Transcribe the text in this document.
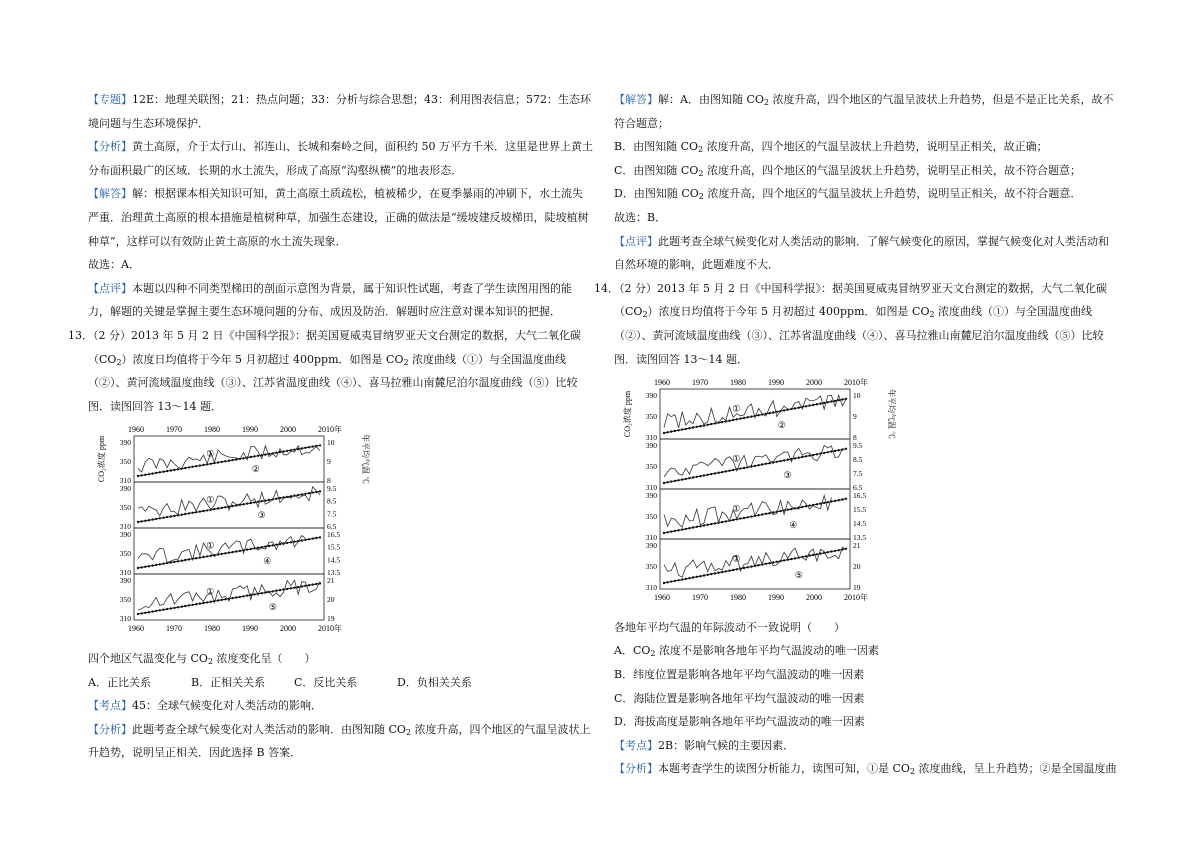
【专题】12E：地理关联图；21：热点问题；33：分析与综合思想；43：利用图表信息；572：生态环境问题与生态环境保护．

【分析】黄土高原，介于太行山、祁连山、长城和秦岭之间，面积约 50 万平方千米．这里是世界上黄土分布面积最广的区域．长期的水土流失，形成了高原“沟壑纵横”的地表形态．

【解答】解：根据课本相关知识可知，黄土高原土质疏松，植被稀少，在夏季暴雨的冲刷下，水土流失严重．治理黄土高原的根本措施是植树种草，加强生态建设，正确的做法是“缓坡建反坡梯田，陡坡植树种草”，这样可以有效防止黄土高原的水土流失现象．

故选：A．

【点评】本题以四种不同类型梯田的剖面示意图为背景，属于知识性试题，考查了学生读图用图的能力，解题的关键是掌握主要生态环境问题的分布、成因及防治．解题时应注意对课本知识的把握．

13．（2 分）2013 年 5 月 2 日《中国科学报》：据美国夏威夷冒纳罗亚天文台测定的数据，大气二氧化碳$(CO_2)$浓度日均值将于今年 5 月初超过 400ppm．如图是 $CO_2$ 浓度曲线（①）与全国温度曲线（②）、黄河流域温度曲线（③）、江苏省温度曲线（④）、喜马拉雅山南麓尼泊尔温度曲线（⑤）比较图．读图回答 13～14 题．

1960	1970	1980	1990	2000	2010年
1960	1970	1980	1990	2000	2010年
CO₂浓度 ppm	年平均气温 ℃
390
350
310
10
9
8
①
②
390
350
310
9.5
8.5
7.5
6.5
①
③
390
350
310
16.5
15.5
14.5
13.5
①
④
390
350
310
21
20
19
①
⑤

四个地区气温变化与 $CO_2$ 浓度变化呈（　　）

A．正比关系	B．正相关关系	C．反比关系	D．负相关关系

【考点】45：全球气候变化对人类活动的影响．

【分析】此题考查全球气候变化对人类活动的影响．由图知随 $CO_2$ 浓度升高，四个地区的气温呈波状上升趋势，说明呈正相关．因此选择 B 答案．

【解答】解：A．由图知随 $CO_2$ 浓度升高，四个地区的气温呈波状上升趋势，但是不是正比关系，故不符合题意；

B．由图知随 $CO_2$ 浓度升高，四个地区的气温呈波状上升趋势，说明呈正相关，故正确；

C．由图知随 $CO_2$ 浓度升高，四个地区的气温呈波状上升趋势，说明呈正相关，故不符合题意；

D．由图知随 $CO_2$ 浓度升高，四个地区的气温呈波状上升趋势，说明呈正相关，故不符合题意．

故选：B．

【点评】此题考查全球气候变化对人类活动的影响．了解气候变化的原因，掌握气候变化对人类活动和自然环境的影响，此题难度不大．

14．（2 分）2013 年 5 月 2 日《中国科学报》：据美国夏威夷冒纳罗亚天文台测定的数据，大气二氧化碳$(CO_2)$浓度日均值将于今年 5 月初超过 400ppm．如图是 $CO_2$ 浓度曲线（①）与全国温度曲线（②）、黄河流域温度曲线（③）、江苏省温度曲线（④）、喜马拉雅山南麓尼泊尔温度曲线（⑤）比较图．读图回答 13～14 题．

1960	1970	1980	1990	2000	2010年
1960	1970	1980	1990	2000	2010年
CO₂浓度 ppm	年平均气温 ℃
390
350
310
10
9
8
①
②
390
350
310
9.5
8.5
7.5
6.5
①
③
390
350
310
16.5
15.5
14.5
13.5
①
④
390
350
310
21
20
19
①
⑤

各地年平均气温的年际波动不一致说明（　　）

A．$CO_2$ 浓度不是影响各地年平均气温波动的唯一因素

B．纬度位置是影响各地年平均气温波动的唯一因素

C．海陆位置是影响各地年平均气温波动的唯一因素

D．海拔高度是影响各地年平均气温波动的唯一因素

【考点】2B：影响气候的主要因素．

【分析】本题考查学生的读图分析能力，读图可知，①是 $CO_2$ 浓度曲线，呈上升趋势；②是全国温度曲
